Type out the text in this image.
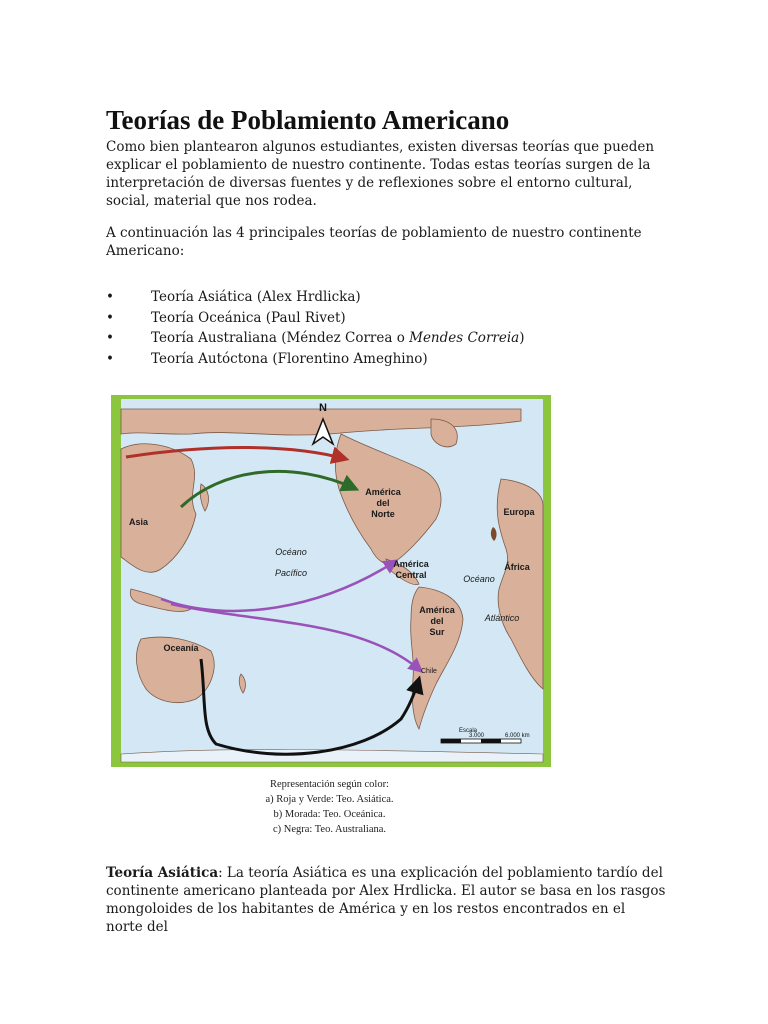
Teorías de Poblamiento Americano

Como bien plantearon algunos estudiantes, existen diversas teorías que pueden explicar el poblamiento de nuestro continente. Todas estas teorías surgen de la interpretación de diversas fuentes y de reflexiones sobre el entorno cultural, social, material que nos rodea.

A continuación las 4 principales teorías de poblamiento de nuestro continente Americano:

• Teoría Asiática (Alex Hrdlicka)
• Teoría Oceánica (Paul Rivet)
• Teoría Australiana (Méndez Correa o Mendes Correia)
• Teoría Autóctona (Florentino Ameghino)
N
Asia
América
del
Norte	Europa
África
América
Central
América
del
Sur
Oceanía
Océano
Pacífico
Océano
Atlántico
Chile
Escala
3.000	6.000 km
Representación según color:
a) Roja y Verde: Teo. Asiática.
b) Morada: Teo. Oceánica.
c) Negra: Teo. Australiana.

Teoría Asiática: La teoría Asiática es una explicación del poblamiento tardío del continente americano planteada por Alex Hrdlicka. El autor se basa en los rasgos mongoloides de los habitantes de América y en los restos encontrados en el norte del
